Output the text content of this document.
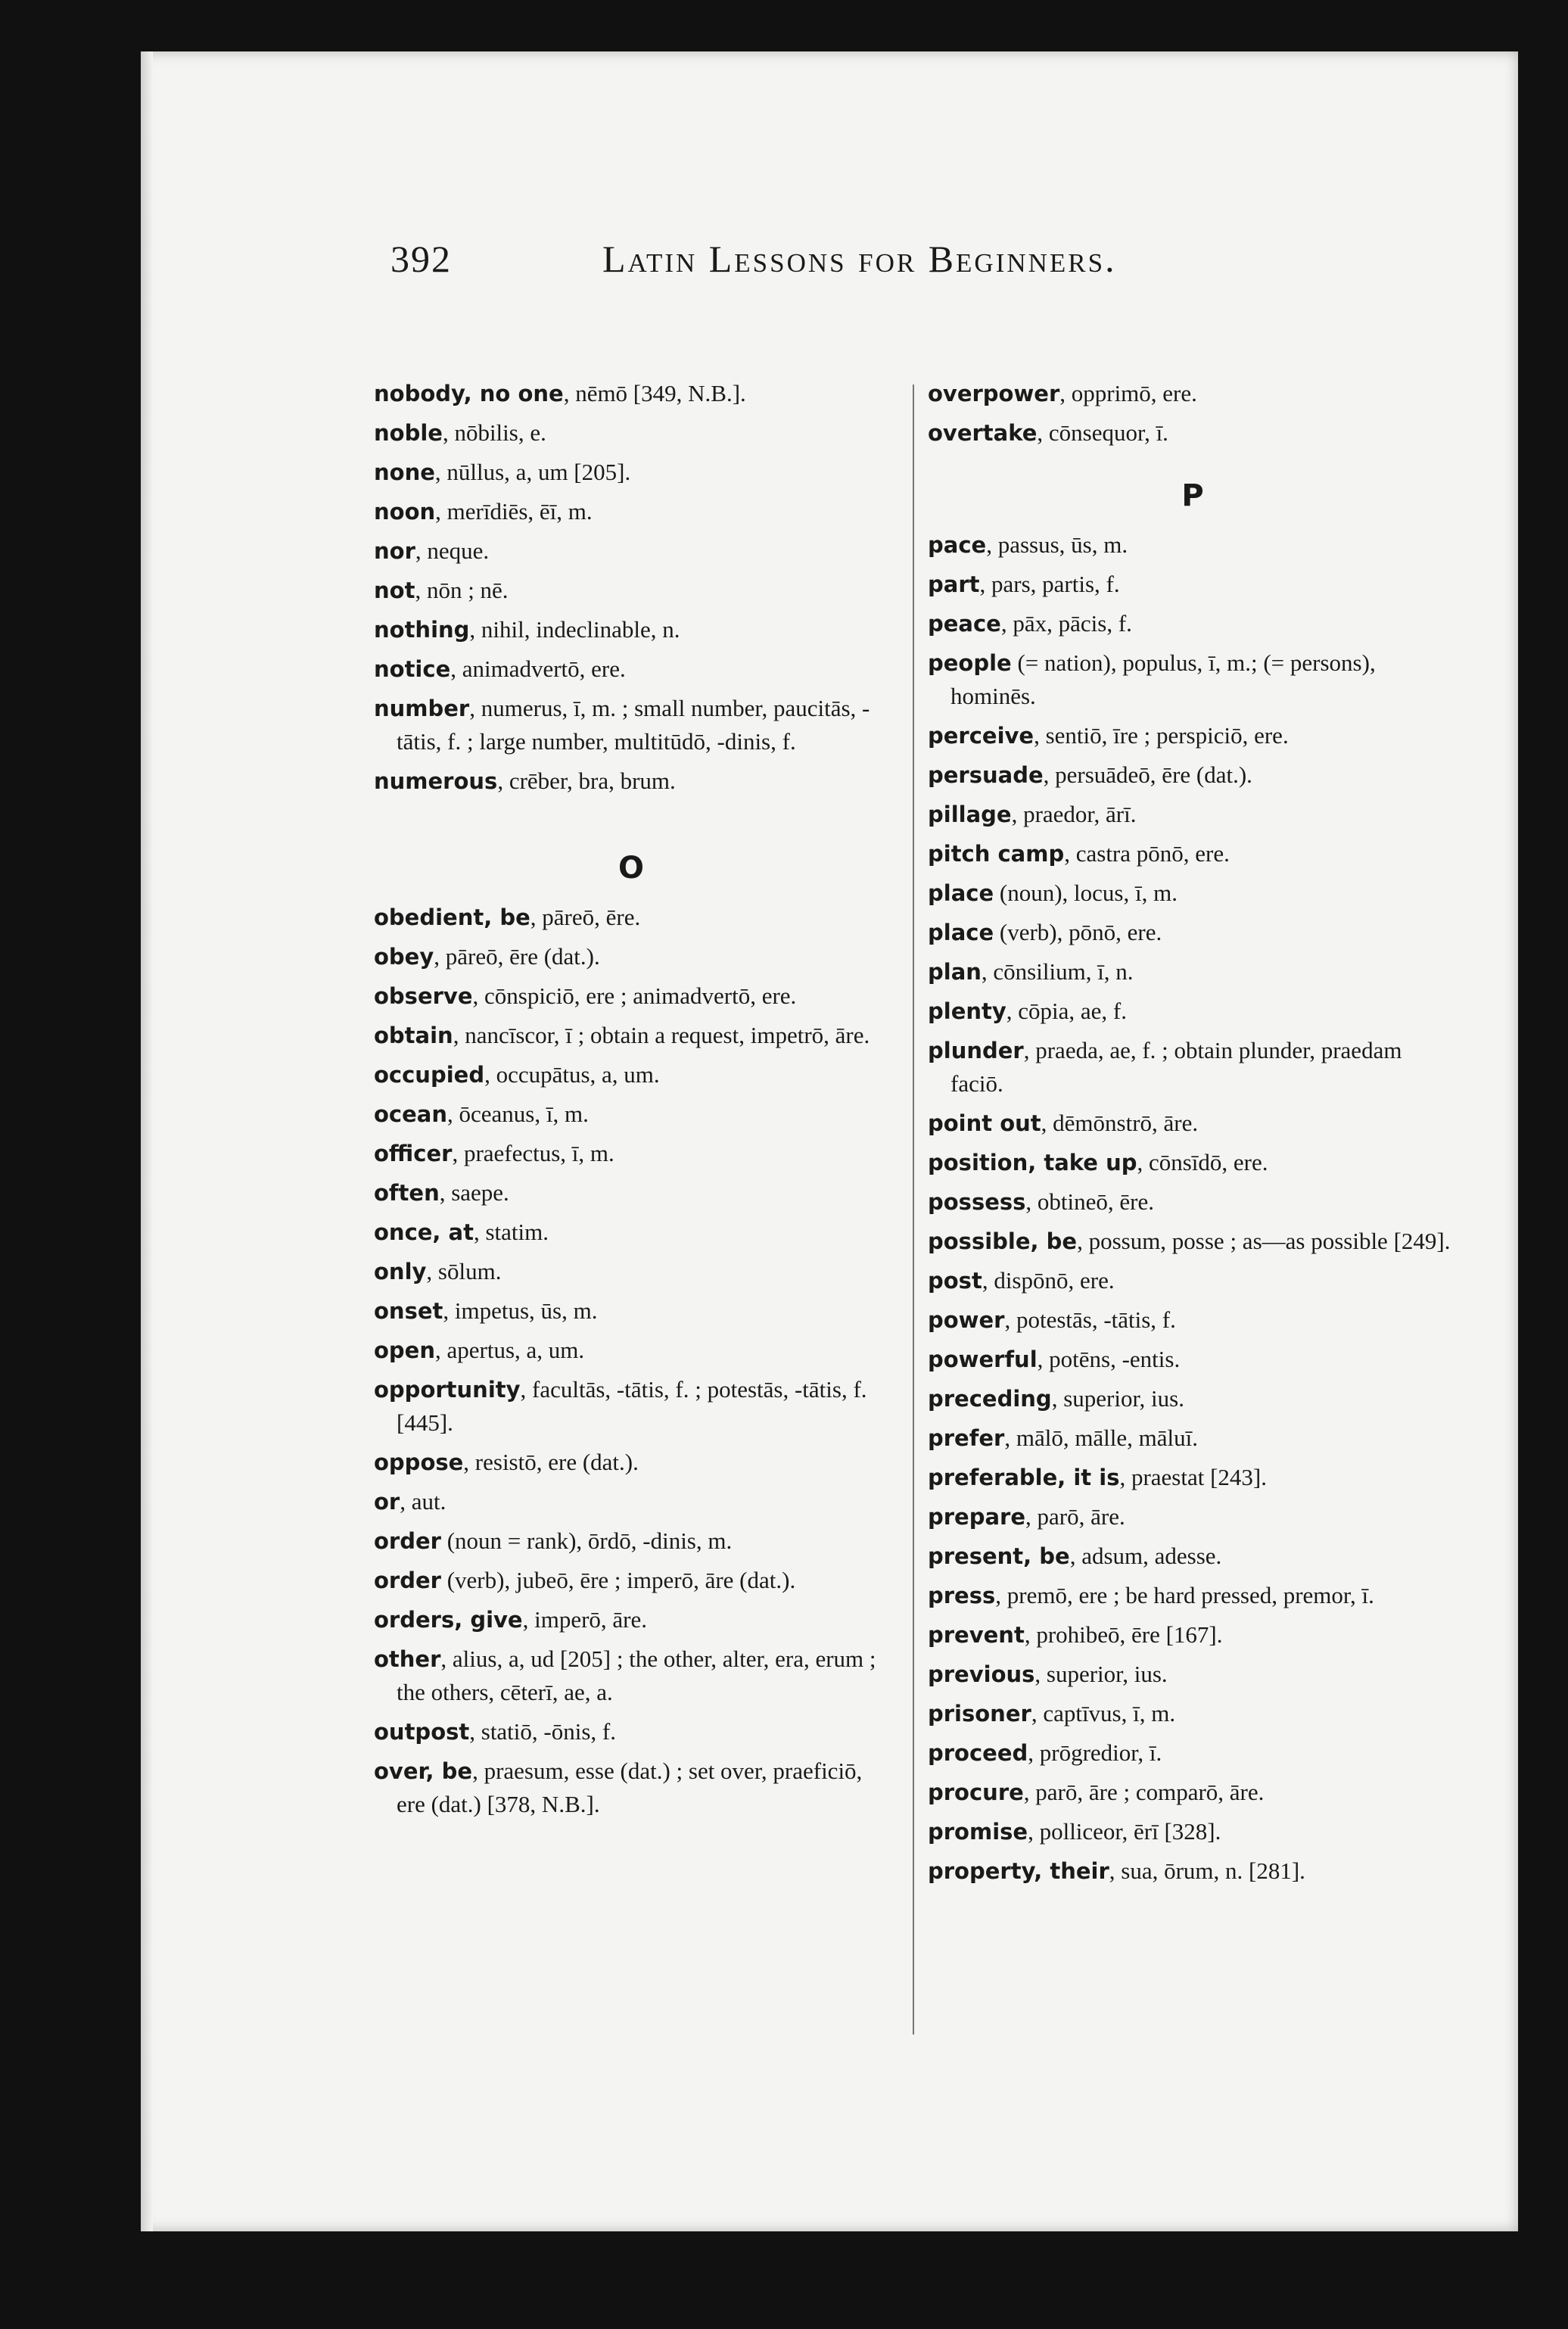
392	Latin Lessons for Beginners.
nobody, no one, nēmō [349, N.B.].
noble, nōbilis, e.
none, nūllus, a, um [205].
noon, merīdiēs, ēī, m.
nor, neque.
not, nōn ; nē.
nothing, nihil, indeclinable, n.
notice, animadvertō, ere.
number, numerus, ī, m. ; small number, paucitās, -tātis, f. ; large number, multitūdō, -dinis, f.
numerous, crēber, bra, brum.
O
obedient, be, pāreō, ēre.
obey, pāreō, ēre (dat.).
observe, cōnspiciō, ere ; animadvertō, ere.
obtain, nancīscor, ī ; obtain a request, impetrō, āre.
occupied, occupātus, a, um.
ocean, ōceanus, ī, m.
officer, praefectus, ī, m.
often, saepe.
once, at, statim.
only, sōlum.
onset, impetus, ūs, m.
open, apertus, a, um.
opportunity, facultās, -tātis, f. ; potestās, -tātis, f. [445].
oppose, resistō, ere (dat.).
or, aut.
order (noun = rank), ōrdō, -dinis, m.
order (verb), jubeō, ēre ; imperō, āre (dat.).
orders, give, imperō, āre.
other, alius, a, ud [205] ; the other, alter, era, erum ; the others, cēterī, ae, a.
outpost, statiō, -ōnis, f.
over, be, praesum, esse (dat.) ; set over, praeficiō, ere (dat.) [378, N.B.].
overpower, opprimō, ere.
overtake, cōnsequor, ī.
P
pace, passus, ūs, m.
part, pars, partis, f.
peace, pāx, pācis, f.
people (= nation), populus, ī, m.; (= persons), hominēs.
perceive, sentiō, īre ; perspiciō, ere.
persuade, persuādeō, ēre (dat.).
pillage, praedor, ārī.
pitch camp, castra pōnō, ere.
place (noun), locus, ī, m.
place (verb), pōnō, ere.
plan, cōnsilium, ī, n.
plenty, cōpia, ae, f.
plunder, praeda, ae, f. ; obtain plunder, praedam faciō.
point out, dēmōnstrō, āre.
position, take up, cōnsīdō, ere.
possess, obtineō, ēre.
possible, be, possum, posse ; as—as possible [249].
post, dispōnō, ere.
power, potestās, -tātis, f.
powerful, potēns, -entis.
preceding, superior, ius.
prefer, mālō, mālle, māluī.
preferable, it is, praestat [243].
prepare, parō, āre.
present, be, adsum, adesse.
press, premō, ere ; be hard pressed, premor, ī.
prevent, prohibeō, ēre [167].
previous, superior, ius.
prisoner, captīvus, ī, m.
proceed, prōgredior, ī.
procure, parō, āre ; comparō, āre.
promise, polliceor, ērī [328].
property, their, sua, ōrum, n. [281].
